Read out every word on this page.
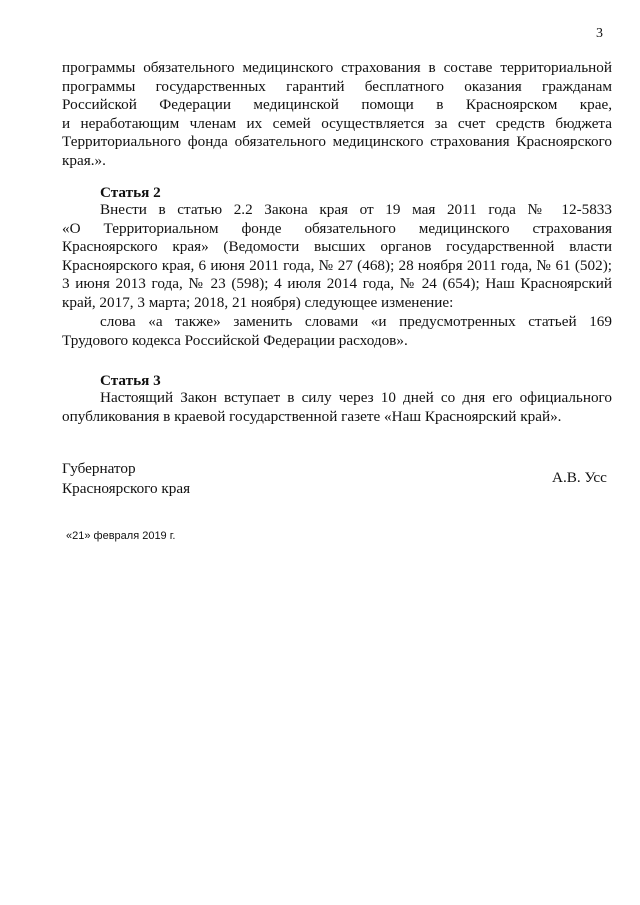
3

программы обязательного медицинского страхования в составе территориальной

программы государственных гарантий бесплатного оказания гражданам

Российской Федерации медицинской помощи в Красноярском крае,

и неработающим членам их семей осуществляется за счет средств бюджета

Территориального фонда обязательного медицинского страхования Красноярского

края.».

Статья 2

Внести в статью 2.2 Закона края от 19 мая 2011 года № 12-5833

«О Территориальном фонде обязательного медицинского страхования

Красноярского края» (Ведомости высших органов государственной власти

Красноярского края, 6 июня 2011 года, № 27 (468); 28 ноября 2011 года, № 61 (502);

3 июня 2013 года, № 23 (598); 4 июля 2014 года, № 24 (654); Наш Красноярский

край, 2017, 3 марта; 2018, 21 ноября) следующее изменение:

слова «а также» заменить словами «и предусмотренных статьей 169

Трудового кодекса Российской Федерации расходов».

Статья 3

Настоящий Закон вступает в силу через 10 дней со дня его официального

опубликования в краевой государственной газете «Наш Красноярский край».

Губернатор
Красноярского края
А.В. Усс
«21» февраля 2019 г.
